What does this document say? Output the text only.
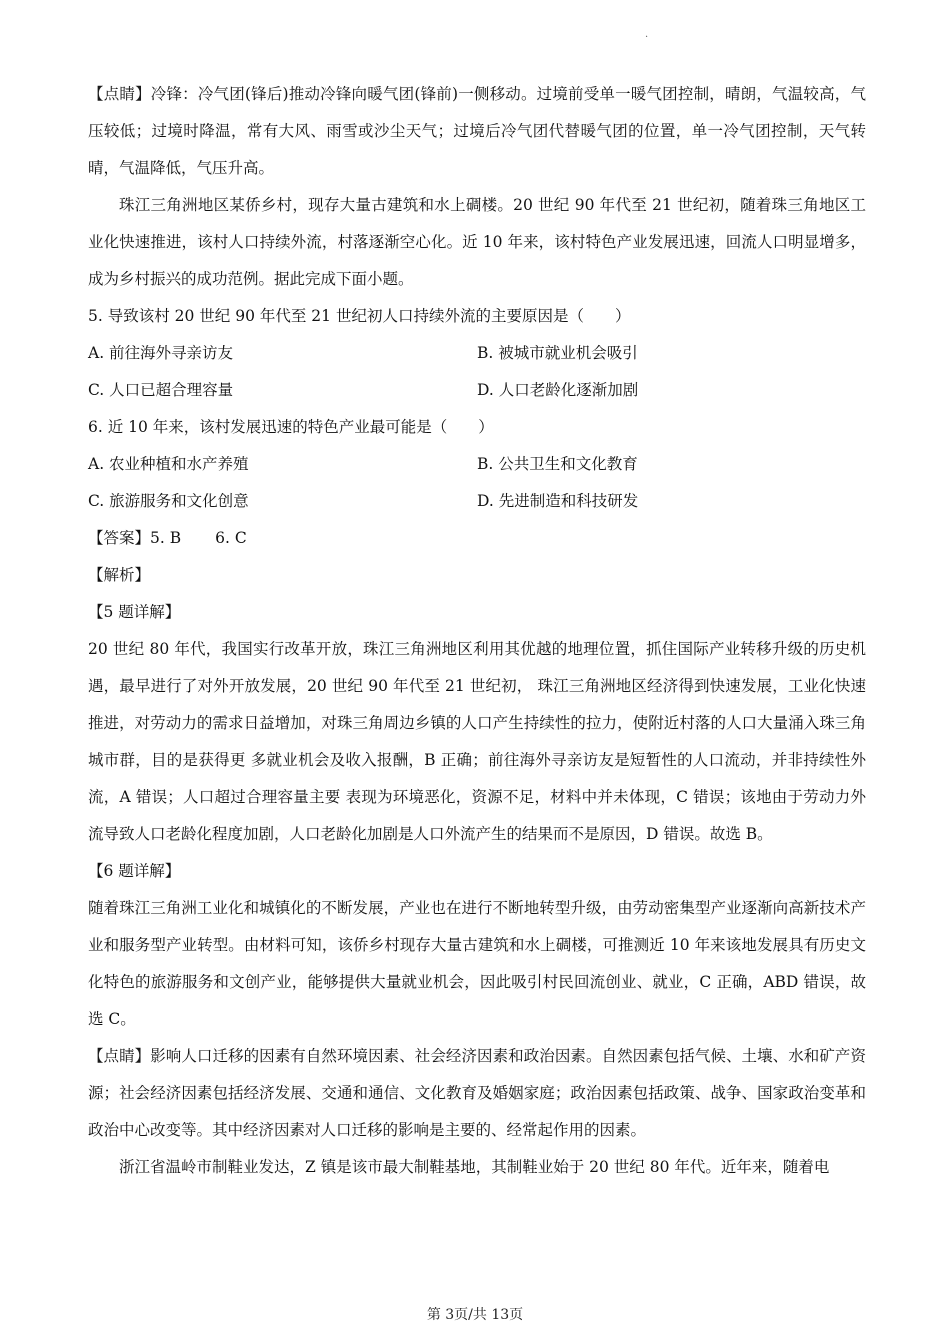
·

【点睛】冷锋：冷气团(锋后)推动冷锋向暖气团(锋前)一侧移动。过境前受单一暖气团控制，晴朗，气温较高，气压较低；过境时降温，常有大风、雨雪或沙尘天气；过境后冷气团代替暖气团的位置，单一冷气团控制，天气转晴，气温降低，气压升高。

珠江三角洲地区某侨乡村，现存大量古建筑和水上碉楼。20 世纪 90 年代至 21 世纪初，随着珠三角地区工业化快速推进，该村人口持续外流，村落逐渐空心化。近 10 年来，该村特色产业发展迅速，回流人口明显增多，成为乡村振兴的成功范例。据此完成下面小题。

5. 导致该村 20 世纪 90 年代至 21 世纪初人口持续外流的主要原因是（　　）

A. 前往海外寻亲访友	B. 被城市就业机会吸引
C. 人口已超合理容量	D. 人口老龄化逐渐加剧

6. 近 10 年来，该村发展迅速的特色产业最可能是（　　）

A. 农业种植和水产养殖	B. 公共卫生和文化教育
C. 旅游服务和文化创意	D. 先进制造和科技研发
【答案】5. B 6. C

【解析】

【5 题详解】

20 世纪 80 年代，我国实行改革开放，珠江三角洲地区利用其优越的地理位置，抓住国际产业转移升级的历史机遇，最早进行了对外开放发展，20 世纪 90 年代至 21 世纪初， 珠江三角洲地区经济得到快速发展，工业化快速推进，对劳动力的需求日益增加，对珠三角周边乡镇的人口产生持续性的拉力，使附近村落的人口大量涌入珠三角城市群，目的是获得更 多就业机会及收入报酬，B 正确；前往海外寻亲访友是短暂性的人口流动，并非持续性外流，A 错误；人口超过合理容量主要 表现为环境恶化，资源不足，材料中并未体现，C 错误；该地由于劳动力外流导致人口老龄化程度加剧，人口老龄化加剧是人口外流产生的结果而不是原因，D 错误。故选 B。

【6 题详解】

随着珠江三角洲工业化和城镇化的不断发展，产业也在进行不断地转型升级，由劳动密集型产业逐渐向高新技术产业和服务型产业转型。由材料可知，该侨乡村现存大量古建筑和水上碉楼，可推测近 10 年来该地发展具有历史文化特色的旅游服务和文创产业，能够提供大量就业机会，因此吸引村民回流创业、就业，C 正确，ABD 错误，故选 C。

【点睛】影响人口迁移的因素有自然环境因素、社会经济因素和政治因素。自然因素包括气候、土壤、水和矿产资源；社会经济因素包括经济发展、交通和通信、文化教育及婚姻家庭；政治因素包括政策、战争、国家政治变革和政治中心改变等。其中经济因素对人口迁移的影响是主要的、经常起作用的因素。

浙江省温岭市制鞋业发达，Z 镇是该市最大制鞋基地，其制鞋业始于 20 世纪 80 年代。近年来，随着电

第 3页/共 13页
